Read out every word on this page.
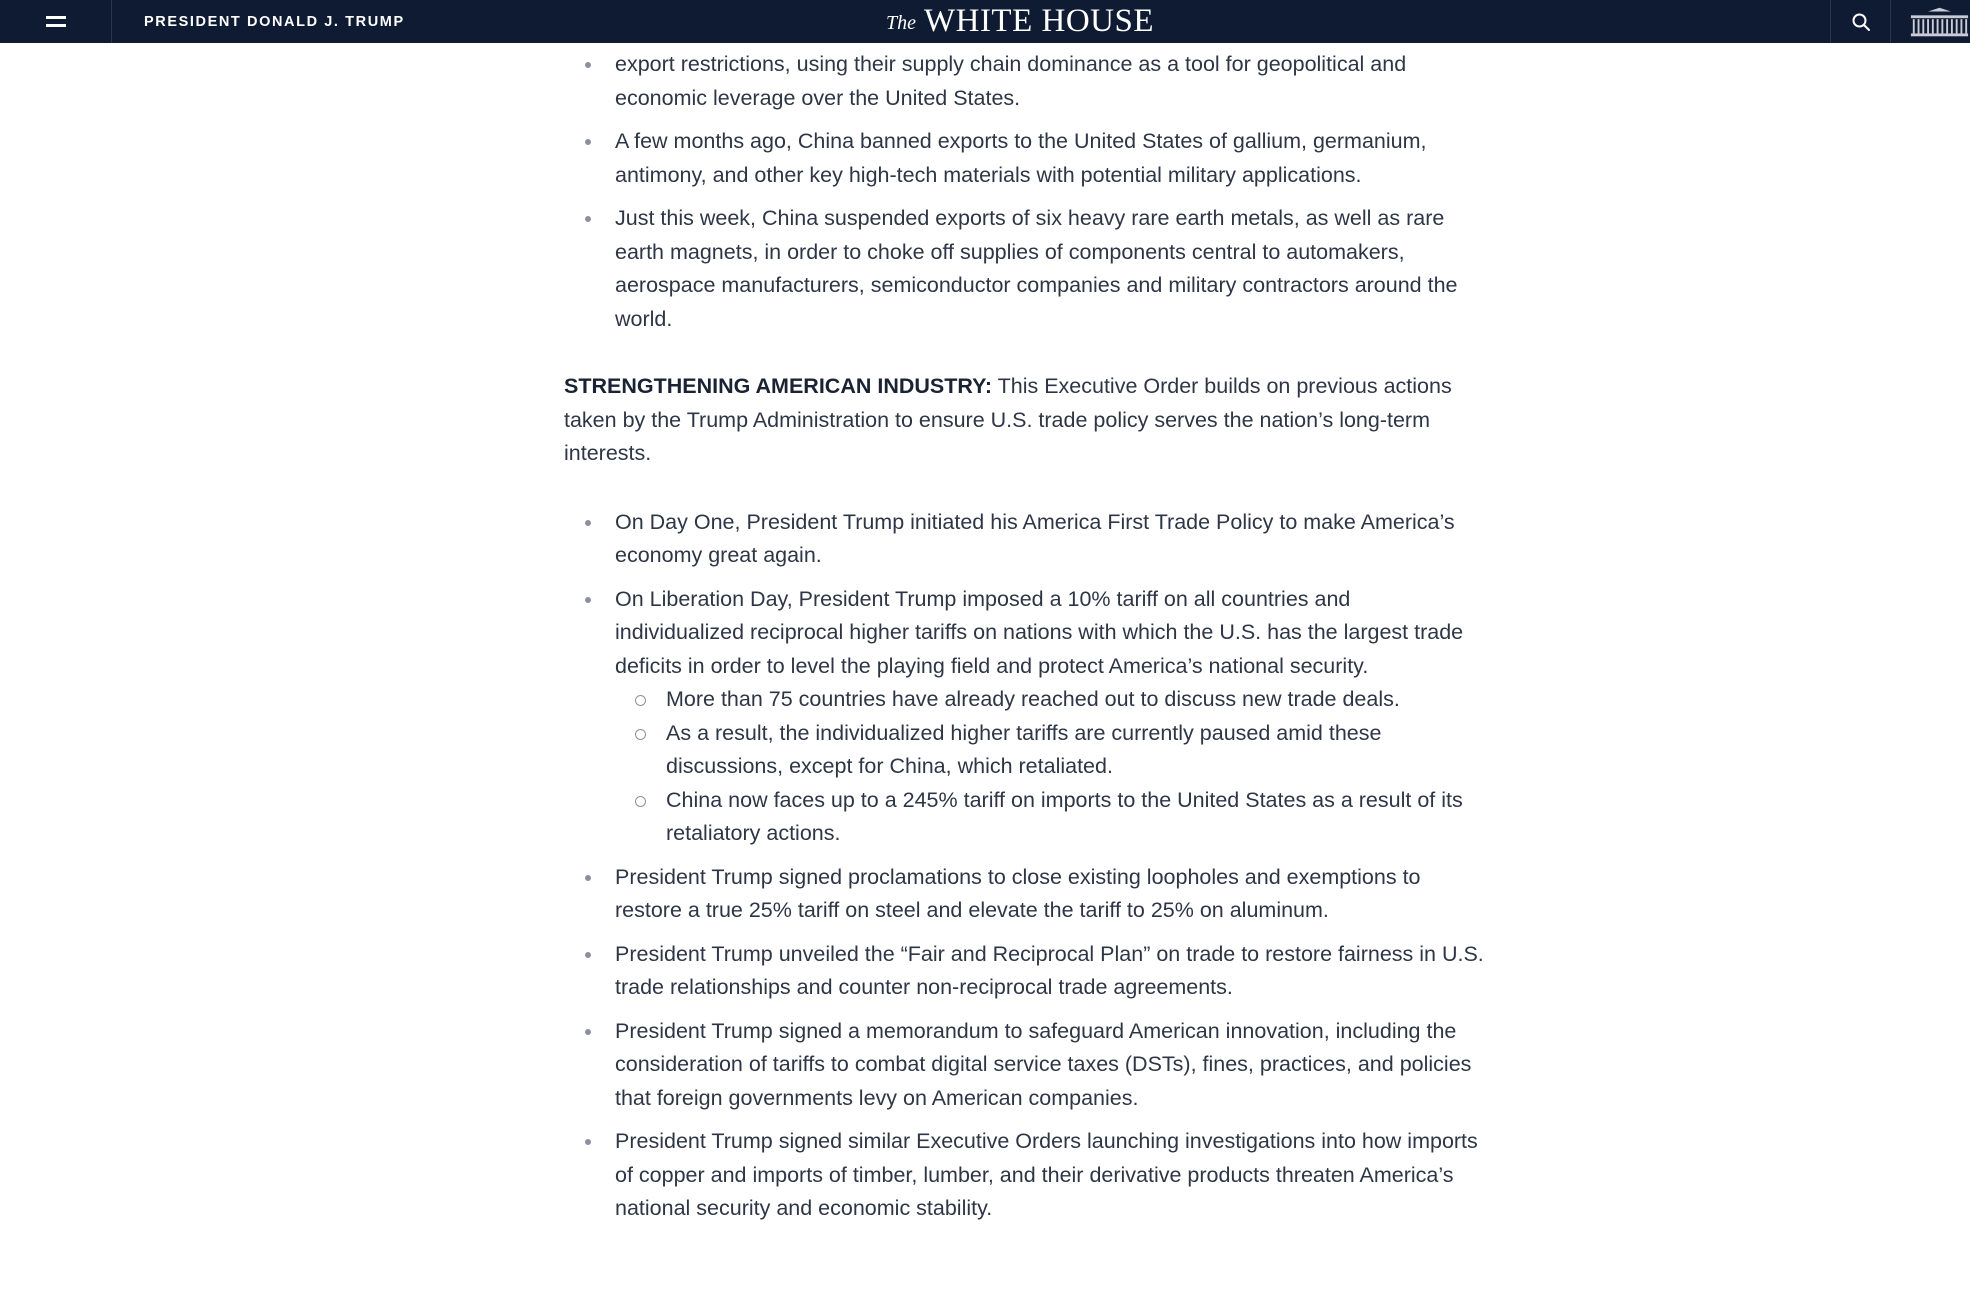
PRESIDENT DONALD J. TRUMP	The WHITE HOUSE
export restrictions, using their supply chain dominance as a tool for geopolitical and economic leverage over the United States.
A few months ago, China banned exports to the United States of gallium, germanium, antimony, and other key high-tech materials with potential military applications.
Just this week, China suspended exports of six heavy rare earth metals, as well as rare earth magnets, in order to choke off supplies of components central to automakers, aerospace manufacturers, semiconductor companies and military contractors around the world.

STRENGTHENING AMERICAN INDUSTRY: This Executive Order builds on previous actions taken by the Trump Administration to ensure U.S. trade policy serves the nation’s long-term interests.

On Day One, President Trump initiated his America First Trade Policy to make America’s economy great again.
On Liberation Day, President Trump imposed a 10% tariff on all countries and individualized reciprocal higher tariffs on nations with which the U.S. has the largest trade deficits in order to level the playing field and protect America’s national security.
More than 75 countries have already reached out to discuss new trade deals.
As a result, the individualized higher tariffs are currently paused amid these discussions, except for China, which retaliated.
China now faces up to a 245% tariff on imports to the United States as a result of its retaliatory actions.
President Trump signed proclamations to close existing loopholes and exemptions to restore a true 25% tariff on steel and elevate the tariff to 25% on aluminum.
President Trump unveiled the “Fair and Reciprocal Plan” on trade to restore fairness in U.S. trade relationships and counter non-reciprocal trade agreements.
President Trump signed a memorandum to safeguard American innovation, including the consideration of tariffs to combat digital service taxes (DSTs), fines, practices, and policies that foreign governments levy on American companies.
President Trump signed similar Executive Orders launching investigations into how imports of copper and imports of timber, lumber, and their derivative products threaten America’s national security and economic stability.
